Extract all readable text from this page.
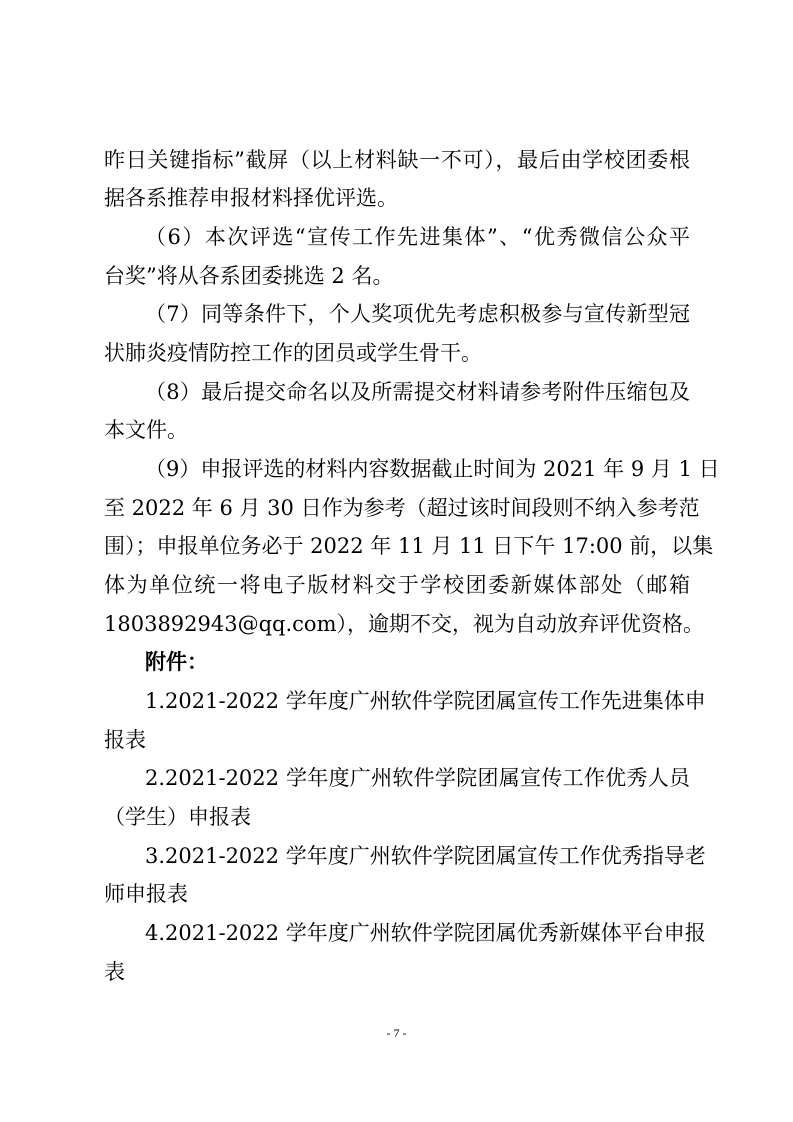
昨日关键指标”截屏（以上材料缺一不可），最后由学校团委根
据各系推荐申报材料择优评选。
（6）本次评选“宣传工作先进集体”、“优秀微信公众平
台奖”将从各系团委挑选 2 名。
（7）同等条件下，个人奖项优先考虑积极参与宣传新型冠
状肺炎疫情防控工作的团员或学生骨干。
（8）最后提交命名以及所需提交材料请参考附件压缩包及
本文件。
（9）申报评选的材料内容数据截止时间为 2021 年 9 月 1 日
至 2022 年 6 月 30 日作为参考（超过该时间段则不纳入参考范
围）；申报单位务必于 2022 年 11 月 11 日下午 17:00 前，以集
体为单位统一将电子版材料交于学校团委新媒体部处（邮箱
1803892943@qq.com），逾期不交，视为自动放弃评优资格。
附件：
1.2021-2022 学年度广州软件学院团属宣传工作先进集体申
报表
2.2021-2022 学年度广州软件学院团属宣传工作优秀人员
（学生）申报表
3.2021-2022 学年度广州软件学院团属宣传工作优秀指导老
师申报表
4.2021-2022 学年度广州软件学院团属优秀新媒体平台申报
表
- 7 -
